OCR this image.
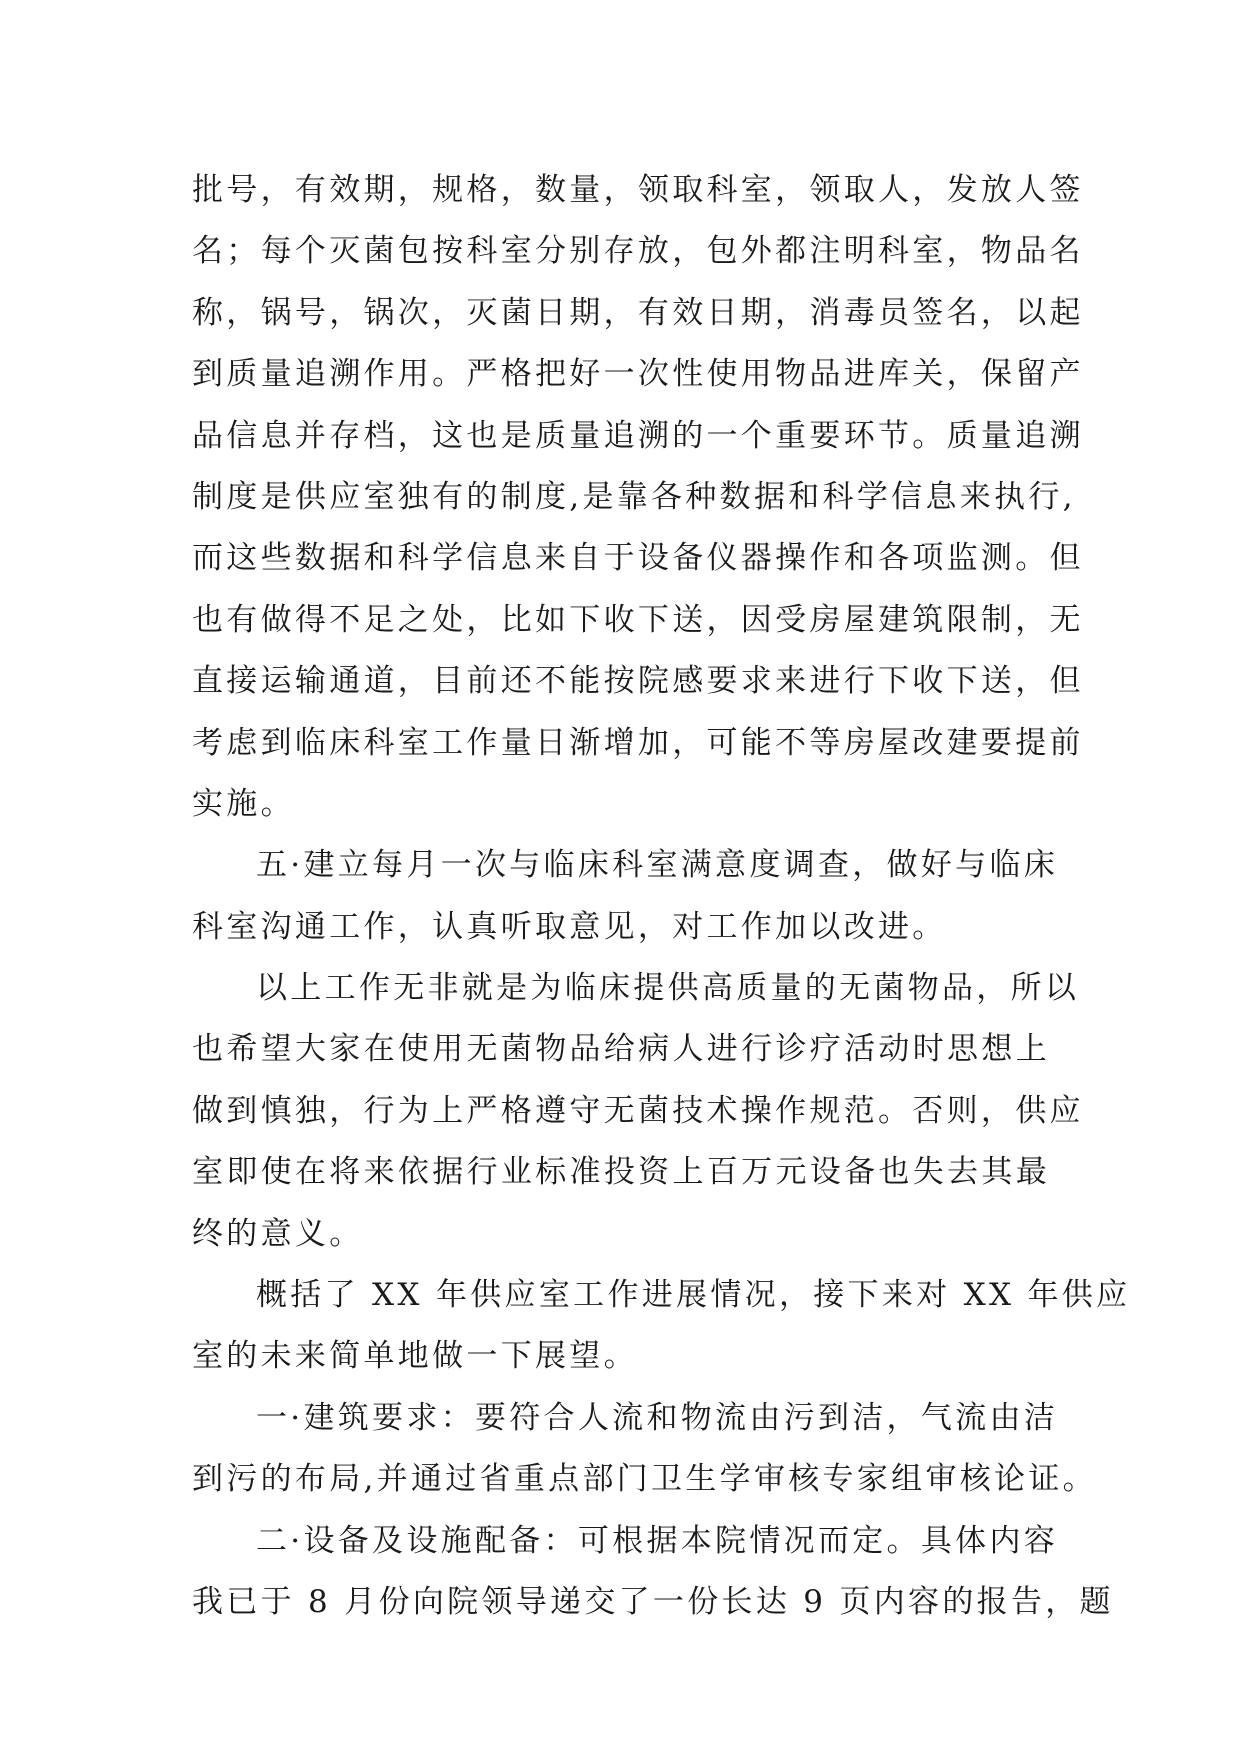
批号，有效期，规格，数量，领取科室，领取人，发放人签
名；每个灭菌包按科室分别存放，包外都注明科室，物品名
称，锅号，锅次，灭菌日期，有效日期，消毒员签名，以起
到质量追溯作用。严格把好一次性使用物品进库关，保留产
品信息并存档，这也是质量追溯的一个重要环节。质量追溯
制度是供应室独有的制度,是靠各种数据和科学信息来执行,
而这些数据和科学信息来自于设备仪器操作和各项监测。但
也有做得不足之处，比如下收下送，因受房屋建筑限制，无
直接运输通道，目前还不能按院感要求来进行下收下送，但
考虑到临床科室工作量日渐增加，可能不等房屋改建要提前
实施。

五·建立每月一次与临床科室满意度调查，做好与临床
科室沟通工作，认真听取意见，对工作加以改进。

以上工作无非就是为临床提供高质量的无菌物品，所以
也希望大家在使用无菌物品给病人进行诊疗活动时思想上
做到慎独，行为上严格遵守无菌技术操作规范。否则，供应
室即使在将来依据行业标准投资上百万元设备也失去其最
终的意义。

概括了 XX 年供应室工作进展情况，接下来对 XX 年供应
室的未来简单地做一下展望。

一·建筑要求：要符合人流和物流由污到洁，气流由洁
到污的布局,并通过省重点部门卫生学审核专家组审核论证。

二·设备及设施配备：可根据本院情况而定。具体内容
我已于 8 月份向院领导递交了一份长达 9 页内容的报告，题
